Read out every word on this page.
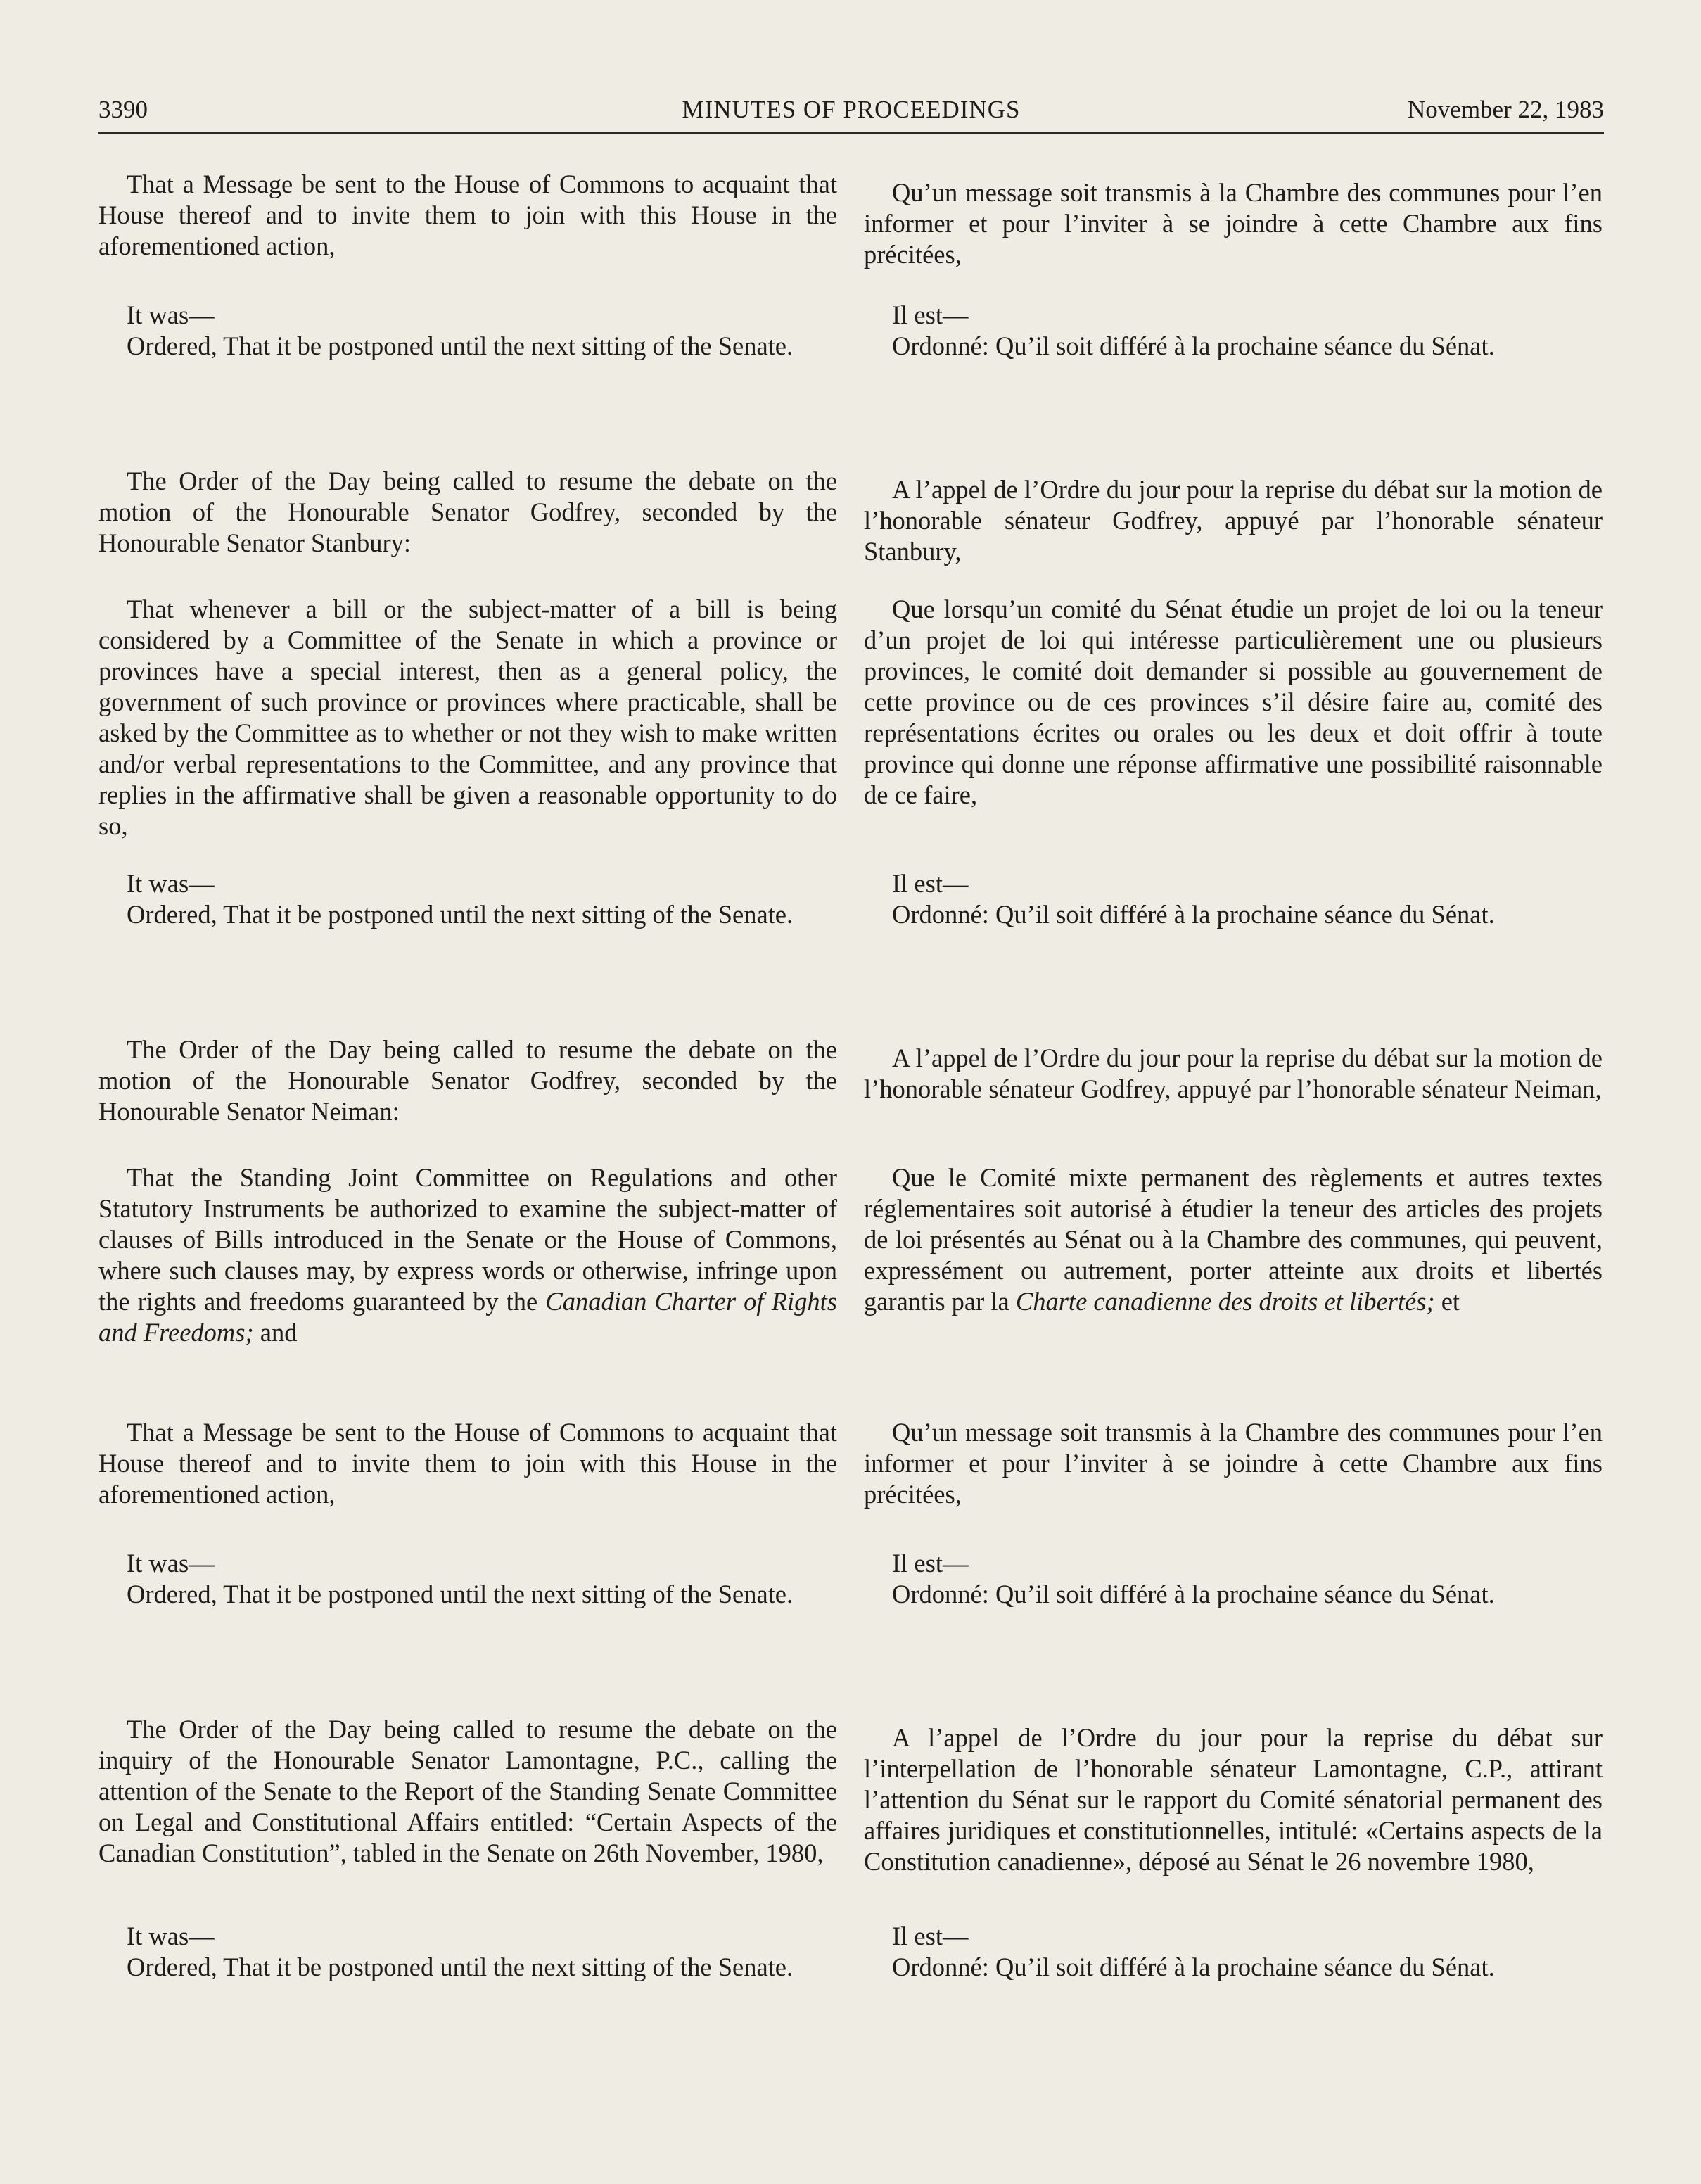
MINUTES OF PROCEEDINGS
3390	November 22, 1983

That a Message be sent to the House of Commons to acquaint that House thereof and to invite them to join with this House in the aforementioned action,

It was—

Ordered, That it be postponed until the next sitting of the Senate.

The Order of the Day being called to resume the debate on the motion of the Honourable Senator Godfrey, seconded by the Honourable Senator Stanbury:

That whenever a bill or the subject-matter of a bill is being considered by a Committee of the Senate in which a province or provinces have a special interest, then as a general policy, the government of such province or provinces where practicable, shall be asked by the Committee as to whether or not they wish to make written and/or verbal representations to the Committee, and any province that replies in the affirmative shall be given a reasonable opportunity to do so,

It was—

Ordered, That it be postponed until the next sitting of the Senate.

The Order of the Day being called to resume the debate on the motion of the Honourable Senator Godfrey, seconded by the Honourable Senator Neiman:

That the Standing Joint Committee on Regulations and other Statutory Instruments be authorized to examine the subject-matter of clauses of Bills introduced in the Senate or the House of Commons, where such clauses may, by express words or otherwise, infringe upon the rights and freedoms guaranteed by the Canadian Charter of Rights and Freedoms; and

That a Message be sent to the House of Commons to acquaint that House thereof and to invite them to join with this House in the aforementioned action,

It was—

Ordered, That it be postponed until the next sitting of the Senate.

The Order of the Day being called to resume the debate on the inquiry of the Honourable Senator Lamontagne, P.C., calling the attention of the Senate to the Report of the Standing Senate Committee on Legal and Constitutional Affairs entitled: “Certain Aspects of the Canadian Constitution”, tabled in the Senate on 26th November, 1980,

It was—

Ordered, That it be postponed until the next sitting of the Senate.

Qu’un message soit transmis à la Chambre des communes pour l’en informer et pour l’inviter à se joindre à cette Chambre aux fins précitées,

Il est—

Ordonné: Qu’il soit différé à la prochaine séance du Sénat.

A l’appel de l’Ordre du jour pour la reprise du débat sur la motion de l’honorable sénateur Godfrey, appuyé par l’honorable sénateur Stanbury,

Que lorsqu’un comité du Sénat étudie un projet de loi ou la teneur d’un projet de loi qui intéresse particulièrement une ou plusieurs provinces, le comité doit demander si possible au gouvernement de cette province ou de ces provinces s’il désire faire au, comité des représentations écrites ou orales ou les deux et doit offrir à toute province qui donne une réponse affirmative une possibilité raisonnable de ce faire,

Il est—

Ordonné: Qu’il soit différé à la prochaine séance du Sénat.

A l’appel de l’Ordre du jour pour la reprise du débat sur la motion de l’honorable sénateur Godfrey, appuyé par l’honorable sénateur Neiman,

Que le Comité mixte permanent des règlements et autres textes réglementaires soit autorisé à étudier la teneur des articles des projets de loi présentés au Sénat ou à la Chambre des communes, qui peuvent, expressément ou autrement, porter atteinte aux droits et libertés garantis par la Charte canadienne des droits et libertés; et

Qu’un message soit transmis à la Chambre des communes pour l’en informer et pour l’inviter à se joindre à cette Chambre aux fins précitées,

Il est—

Ordonné: Qu’il soit différé à la prochaine séance du Sénat.

A l’appel de l’Ordre du jour pour la reprise du débat sur l’interpellation de l’honorable sénateur Lamontagne, C.P., attirant l’attention du Sénat sur le rapport du Comité sénatorial permanent des affaires juridiques et constitutionnelles, intitulé: «Certains aspects de la Constitution canadienne», déposé au Sénat le 26 novembre 1980,

Il est—

Ordonné: Qu’il soit différé à la prochaine séance du Sénat.
